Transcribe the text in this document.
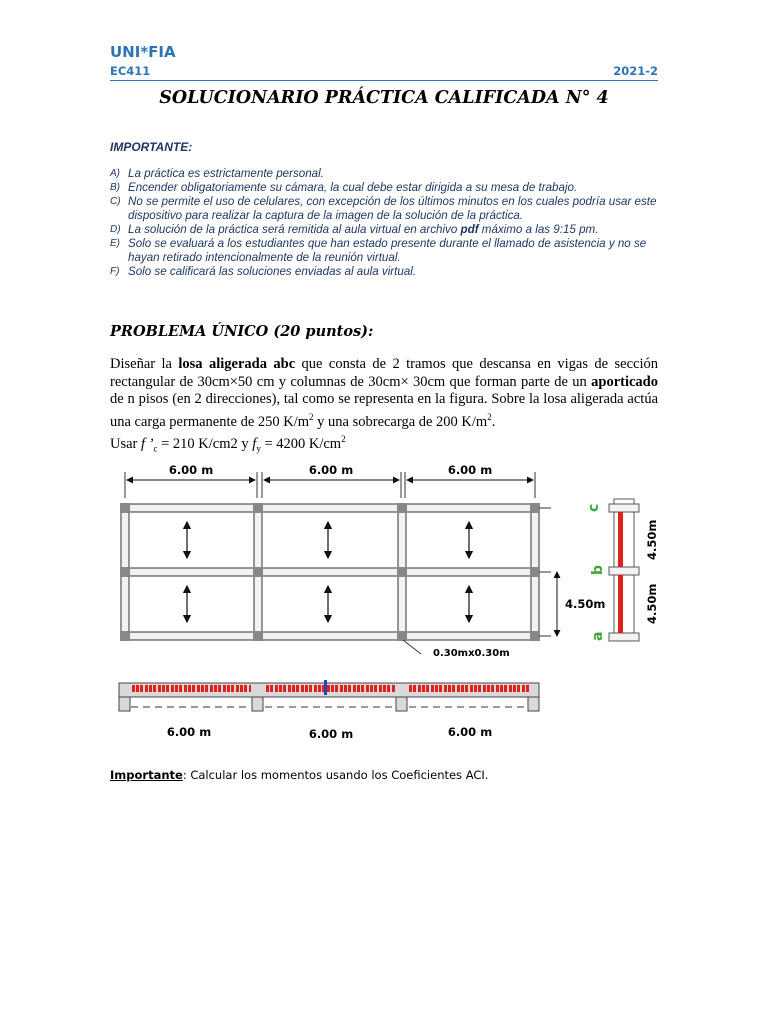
UNI*FIA
EC411	2021-2
SOLUCIONARIO PRÁCTICA CALIFICADA N° 4
IMPORTANTE:
A) La práctica es estrictamente personal.
B) Encender obligatoriamente su cámara, la cual debe estar dirigida a su mesa de trabajo.
C) No se permite el uso de celulares, con excepción de los últimos minutos en los cuales podría usar este dispositivo para realizar la captura de la imagen de la solución de la práctica.
D) La solución de la práctica será remitida al aula virtual en archivo pdf máximo a las 9:15 pm.
E) Solo se evaluará a los estudiantes que han estado presente durante el llamado de asistencia y no se hayan retirado intencionalmente de la reunión virtual.
F) Solo se calificará las soluciones enviadas al aula virtual.
PROBLEMA ÚNICO (20 puntos):

Diseñar la losa aligerada abc que consta de 2 tramos que descansa en vigas de sección rectangular de 30cm×50 cm y columnas de 30cm× 30cm que forman parte de un aporticado de n pisos (en 2 direcciones), tal como se representa en la figura. Sobre la losa aligerada actúa una carga permanente de 250 $K/m^2$ y una sobrecarga de 200 $K/m^2$.

Usar f $’_c = 210$ K/cm2 y $f_y = 4200$ $K/cm^2$

6.00 m	6.00 m	6.00 m
4.50m
0.30mx0.30m
c
b
a
4.50m
4.50m
6.00 m	6.00 m	6.00 m
Importante: Calcular los momentos usando los Coeficientes ACI.
